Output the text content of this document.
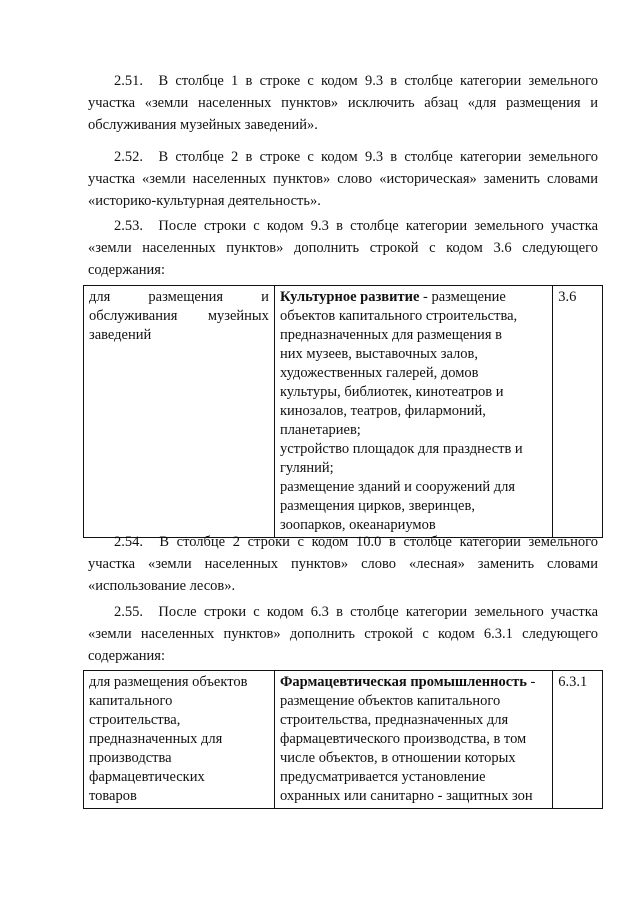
2.51. В столбце 1 в строке с кодом 9.3 в столбце категории земельного участка «земли населенных пунктов» исключить абзац «для размещения и обслуживания музейных заведений».

2.52. В столбце 2 в строке с кодом 9.3 в столбце категории земельного участка «земли населенных пунктов» слово «историческая» заменить словами «историко-культурная деятельность».

2.53. После строки с кодом 9.3 в столбце категории земельного участка «земли населенных пунктов» дополнить строкой с кодом 3.6 следующего содержания:

для размещения и обслуживания музейных заведений	Культурное развитие - размещение объектов капитального строительства,
предназначенных для размещения в
них музеев, выставочных залов,
художественных галерей, домов
культуры, библиотек, кинотеатров и
кинозалов, театров, филармоний,
планетариев;
устройство площадок для празднеств и
гуляний;
размещение зданий и сооружений для размещения цирков, зверинцев,
зоопарков, океанариумов
	3.6

2.54. В столбце 2 строки с кодом 10.0 в столбце категории земельного участка «земли населенных пунктов» слово «лесная» заменить словами «использование лесов».

2.55. После строки с кодом 6.3 в столбце категории земельного участка «земли населенных пунктов» дополнить строкой с кодом 6.3.1 следующего содержания:

для размещения объектов
капитального
строительства,
предназначенных для
производства
фармацевтических
товаров
	Фармацевтическая промышленность -
размещение объектов капитального
строительства, предназначенных для
фармацевтического производства, в том
числе объектов, в отношении которых
предусматривается установление
охранных или санитарно - защитных зон
	6.3.1
